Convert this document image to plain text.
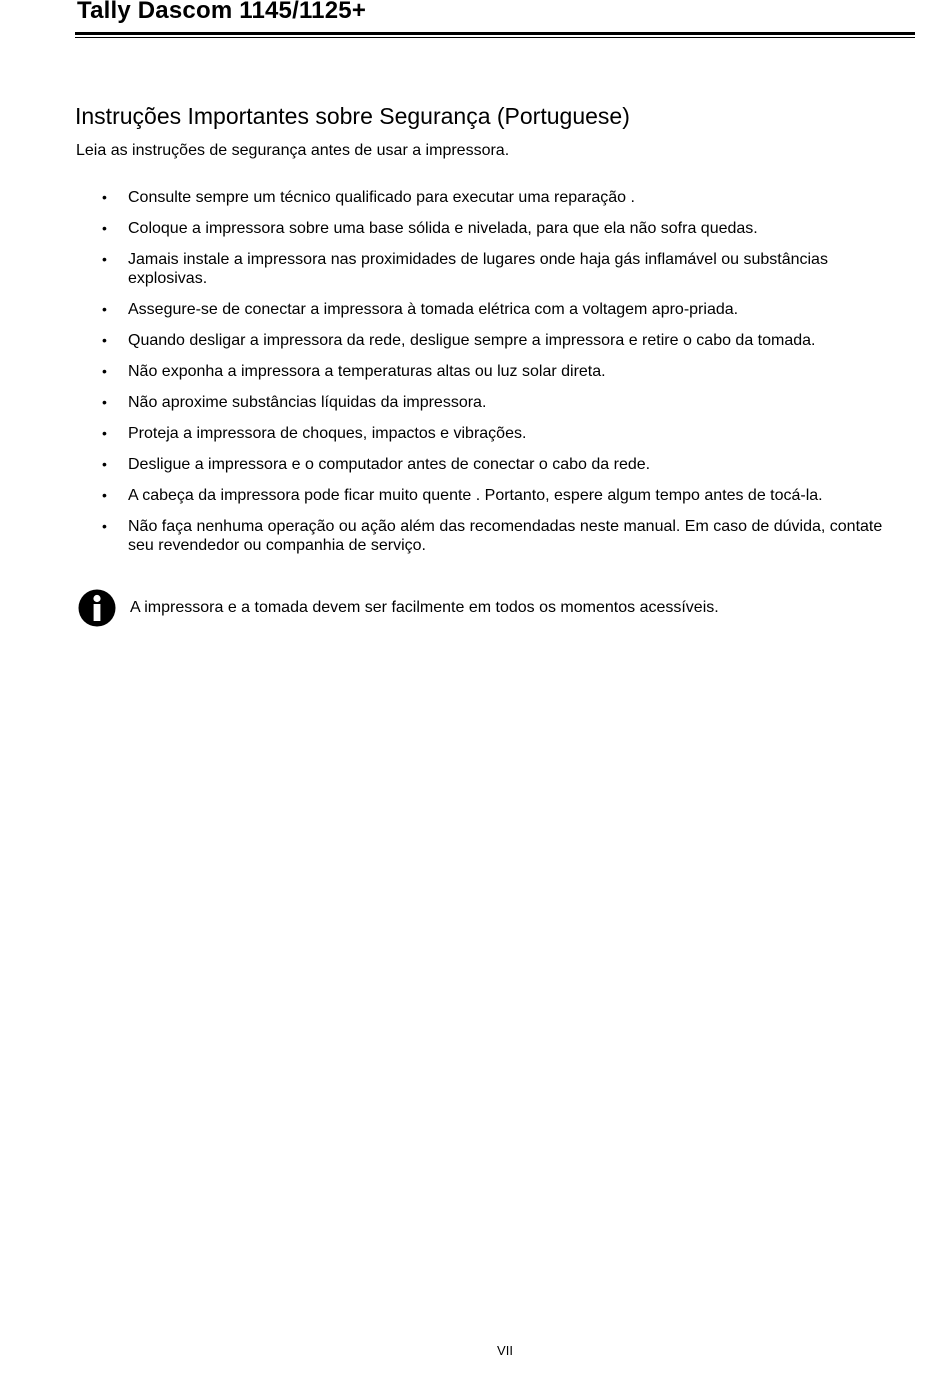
Tally Dascom 1145/1125+
Instruções Importantes sobre Segurança (Portuguese)

Leia as instruções de segurança antes de usar a impressora.

• Consulte sempre um técnico qualificado para executar uma reparação .
• Coloque a impressora sobre uma base sólida e nivelada, para que ela não sofra quedas.
• Jamais instale a impressora nas proximidades de lugares onde haja gás inflamável ou substâncias explosivas.
• Assegure-se de conectar a impressora à tomada elétrica com a voltagem apro-priada.
• Quando desligar a impressora da rede, desligue sempre a impressora e retire o cabo da tomada.
• Não exponha a impressora a temperaturas altas ou luz solar direta.
• Não aproxime substâncias líquidas da impressora.
• Proteja a impressora de choques, impactos e vibrações.
• Desligue a impressora e o computador antes de conectar o cabo da rede.
• A cabeça da impressora pode ficar muito quente . Portanto, espere algum tempo antes de tocá-la.
• Não faça nenhuma operação ou ação além das recomendadas neste manual. Em caso de dúvida, contate seu revendedor ou companhia de serviço.
A impressora e a tomada devem ser facilmente em todos os momentos acessíveis.
VII
